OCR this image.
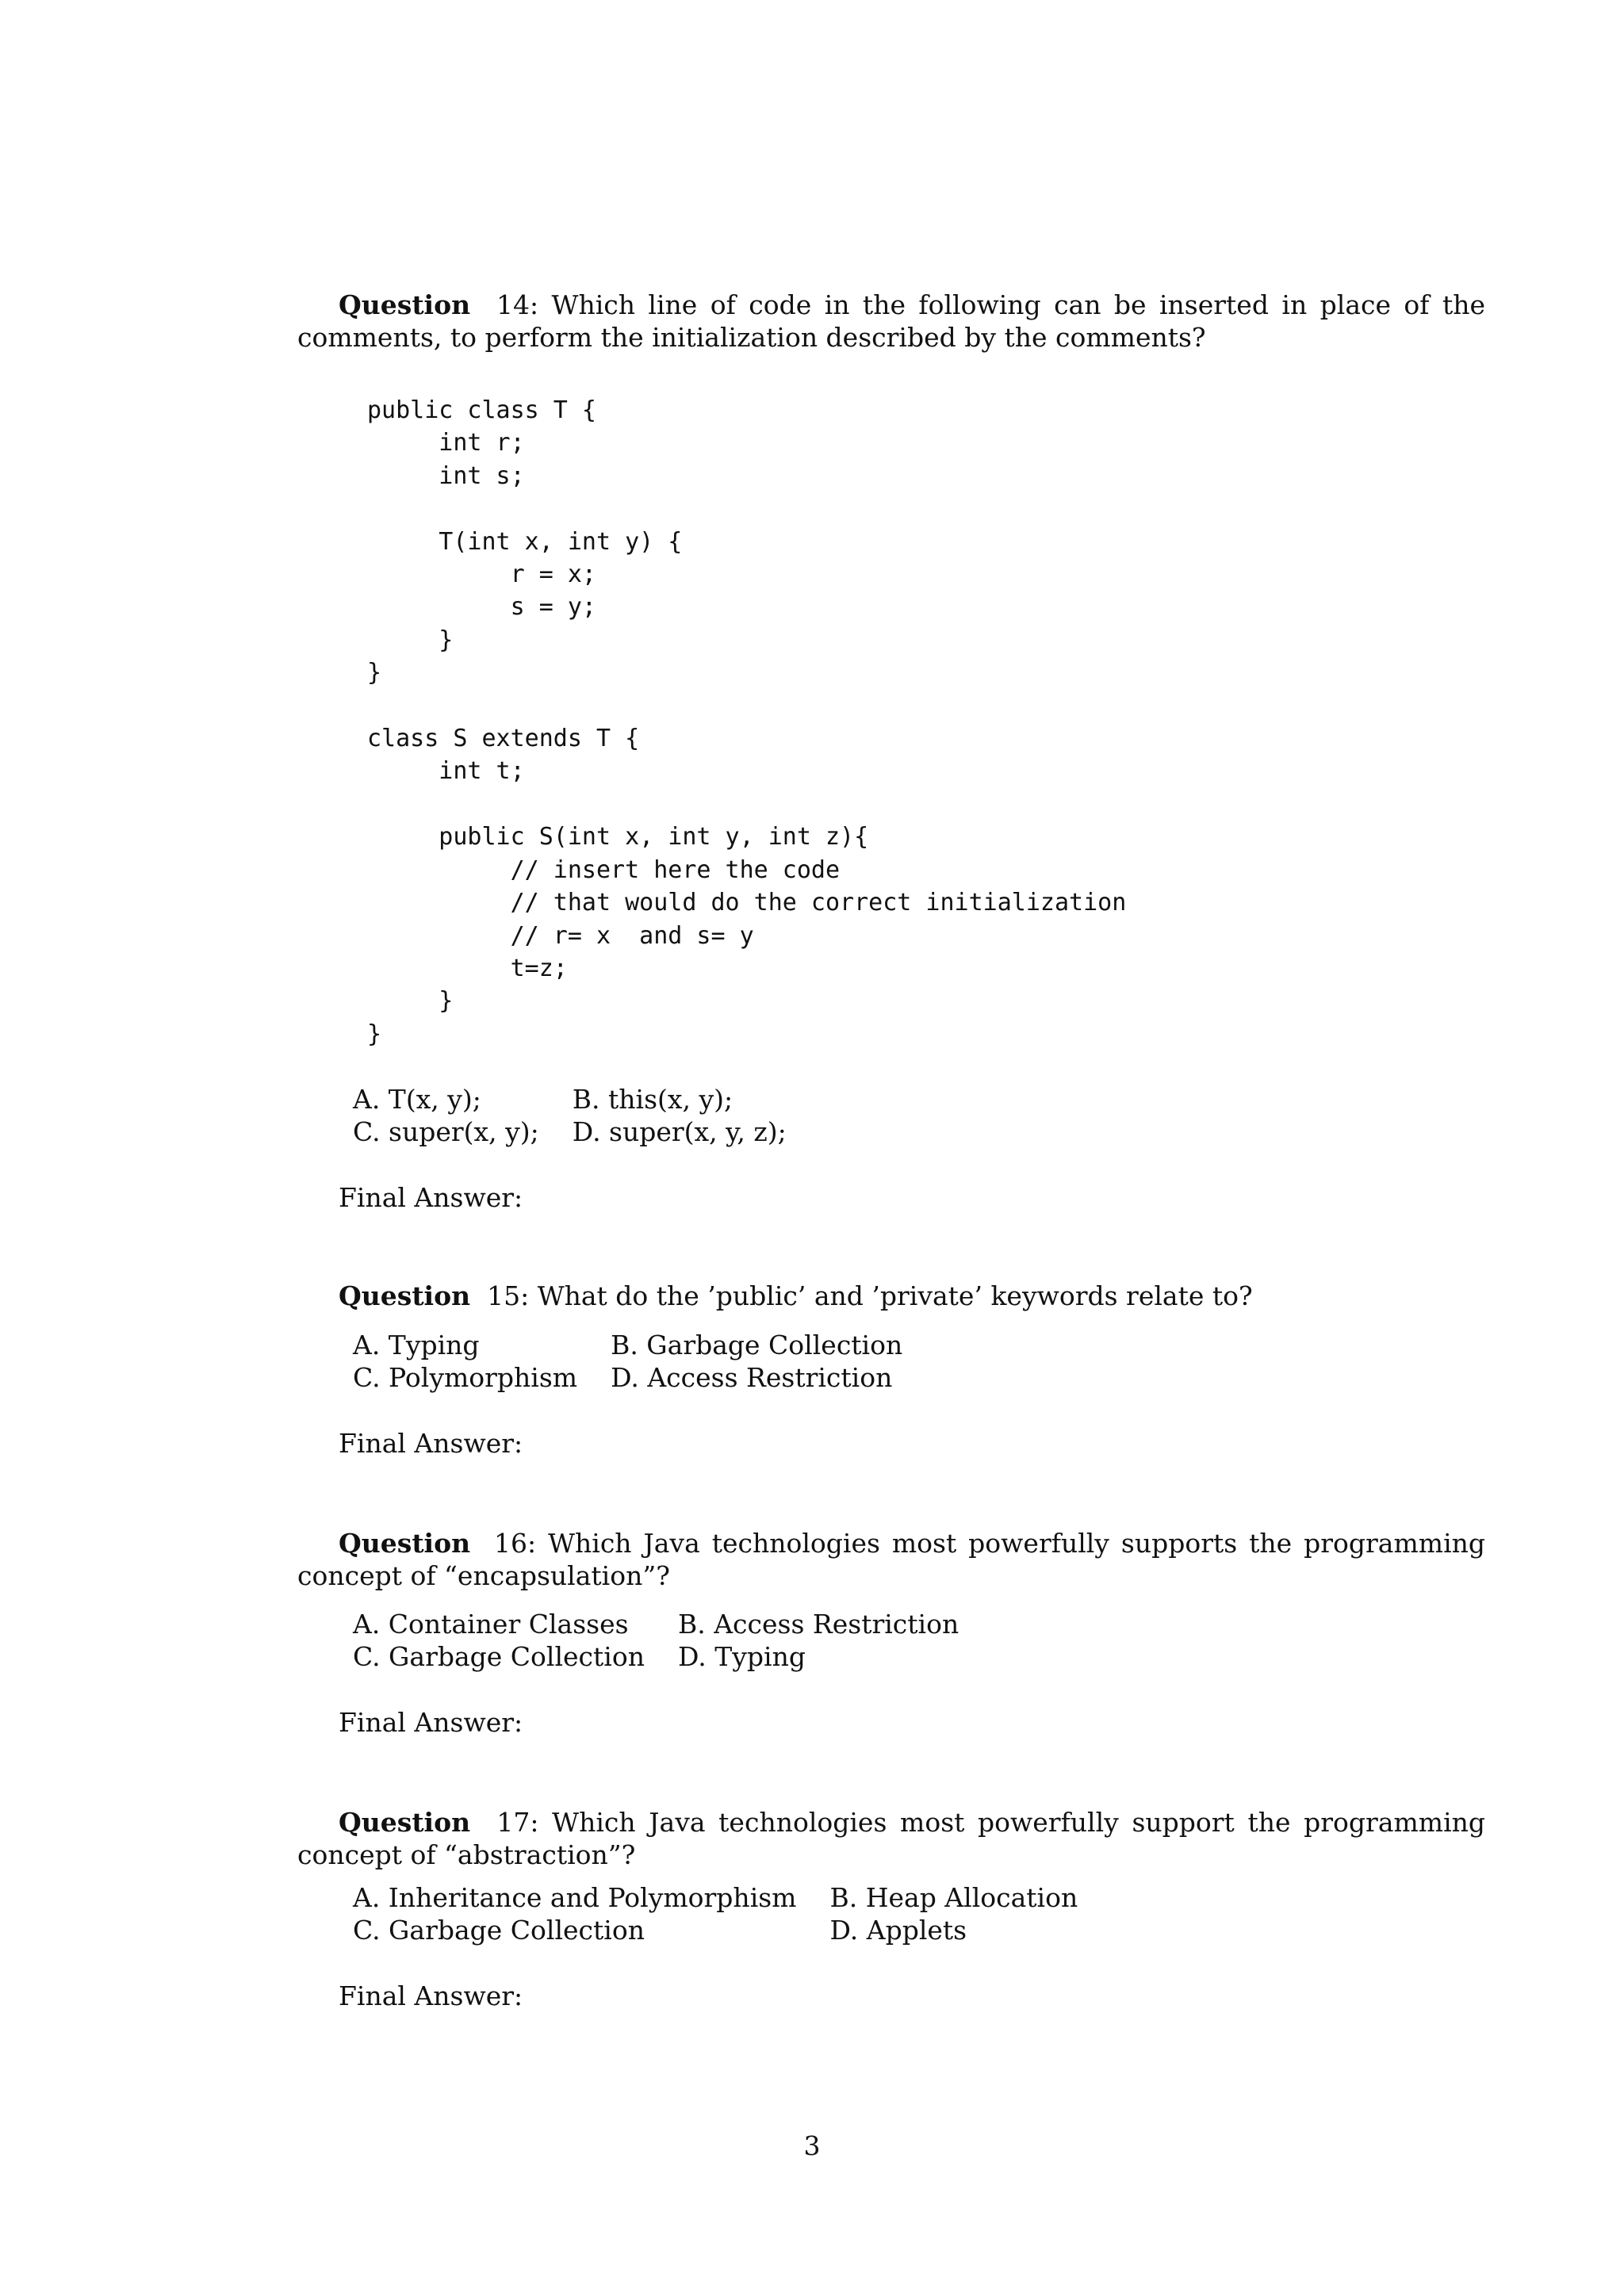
Question 14: Which line of code in the following can be inserted in place of the comments, to perform the initialization described by the comments?
public class T {
int r;
int s;

T(int x, int y) {
r = x;
s = y;
}
}

class S extends T {
int t;

public S(int x, int y, int z){
// insert here the code
// that would do the correct initialization
// r= x  and s= y
t=z;
}
}
A. T(x, y);	B. this(x, y);
C. super(x, y);	D. super(x, y, z);
Final Answer:
Question 15: What do the ’public’ and ’private’ keywords relate to?
A. Typing	B. Garbage Collection
C. Polymorphism	D. Access Restriction
Final Answer:
Question 16: Which Java technologies most powerfully supports the programming concept of “encapsulation”?
A. Container Classes	B. Access Restriction
C. Garbage Collection	D. Typing
Final Answer:
Question 17: Which Java technologies most powerfully support the programming concept of “abstraction”?
A. Inheritance and Polymorphism	B. Heap Allocation
C. Garbage Collection	D. Applets
Final Answer:
3
